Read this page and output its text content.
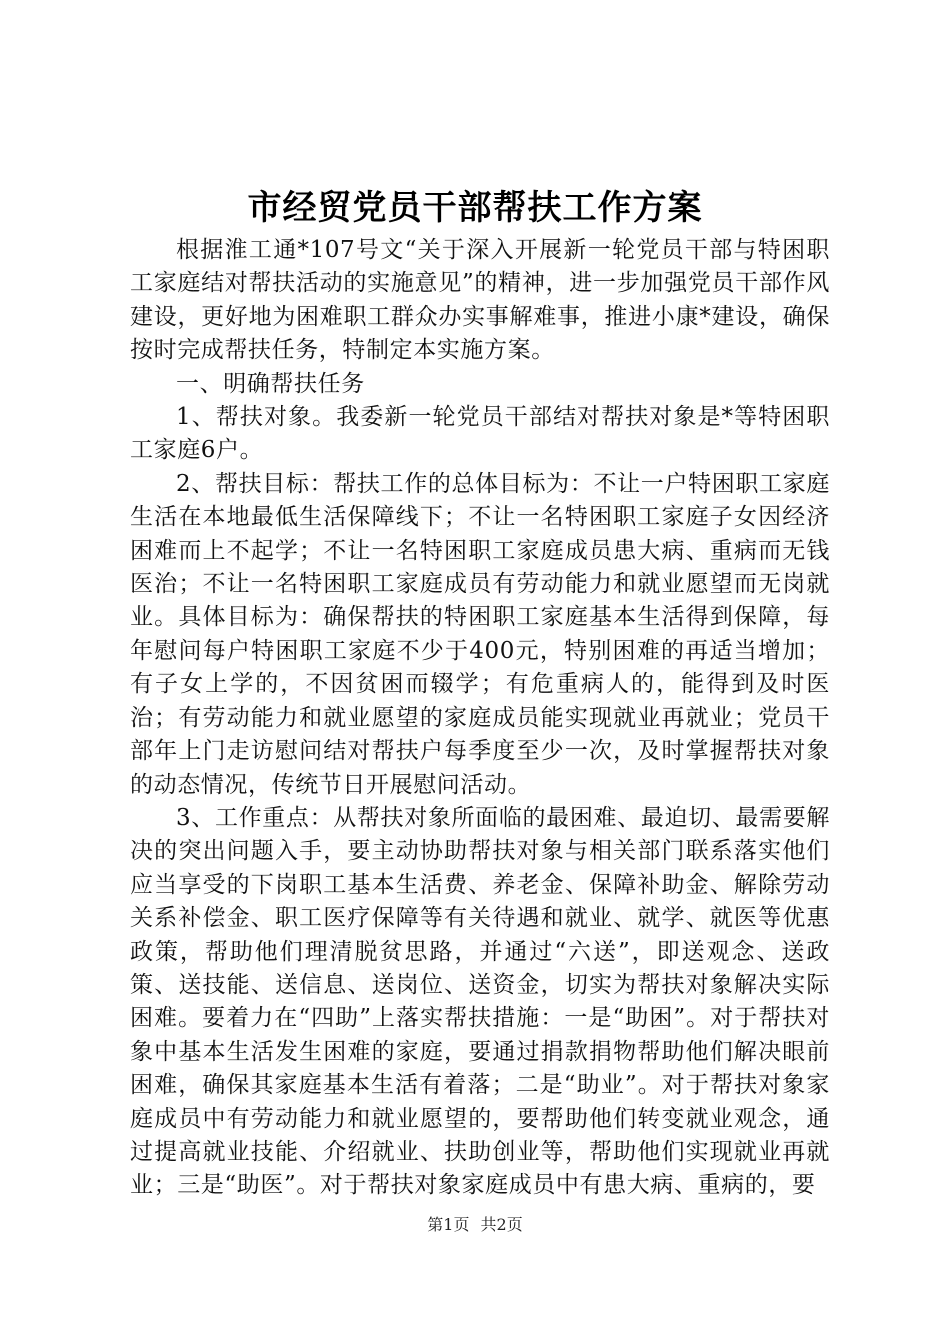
市经贸党员干部帮扶工作方案

根据淮工通*107号文“关于深入开展新一轮党员干部与特困职工家庭结对帮扶活动的实施意见”的精神，进一步加强党员干部作风建设，更好地为困难职工群众办实事解难事，推进小康*建设，确保按时完成帮扶任务，特制定本实施方案。

一、明确帮扶任务

1、帮扶对象。我委新一轮党员干部结对帮扶对象是*等特困职工家庭6户。

2、帮扶目标：帮扶工作的总体目标为：不让一户特困职工家庭生活在本地最低生活保障线下；不让一名特困职工家庭子女因经济困难而上不起学；不让一名特困职工家庭成员患大病、重病而无钱医治；不让一名特困职工家庭成员有劳动能力和就业愿望而无岗就业。具体目标为：确保帮扶的特困职工家庭基本生活得到保障，每年慰问每户特困职工家庭不少于400元，特别困难的再适当增加；有子女上学的，不因贫困而辍学；有危重病人的，能得到及时医治；有劳动能力和就业愿望的家庭成员能实现就业再就业；党员干部年上门走访慰问结对帮扶户每季度至少一次，及时掌握帮扶对象的动态情况，传统节日开展慰问活动。

3、工作重点：从帮扶对象所面临的最困难、最迫切、最需要解决的突出问题入手，要主动协助帮扶对象与相关部门联系落实他们应当享受的下岗职工基本生活费、养老金、保障补助金、解除劳动关系补偿金、职工医疗保障等有关待遇和就业、就学、就医等优惠政策，帮助他们理清脱贫思路，并通过“六送”，即送观念、送政策、送技能、送信息、送岗位、送资金，切实为帮扶对象解决实际困难。要着力在“四助”上落实帮扶措施：一是“助困”。对于帮扶对象中基本生活发生困难的家庭，要通过捐款捐物帮助他们解决眼前困难，确保其家庭基本生活有着落；二是“助业”。对于帮扶对象家庭成员中有劳动能力和就业愿望的，要帮助他们转变就业观念，通过提高就业技能、介绍就业、扶助创业等，帮助他们实现就业再就业；三是“助医”。对于帮扶对象家庭成员中有患大病、重病的，要

第1页 共2页
